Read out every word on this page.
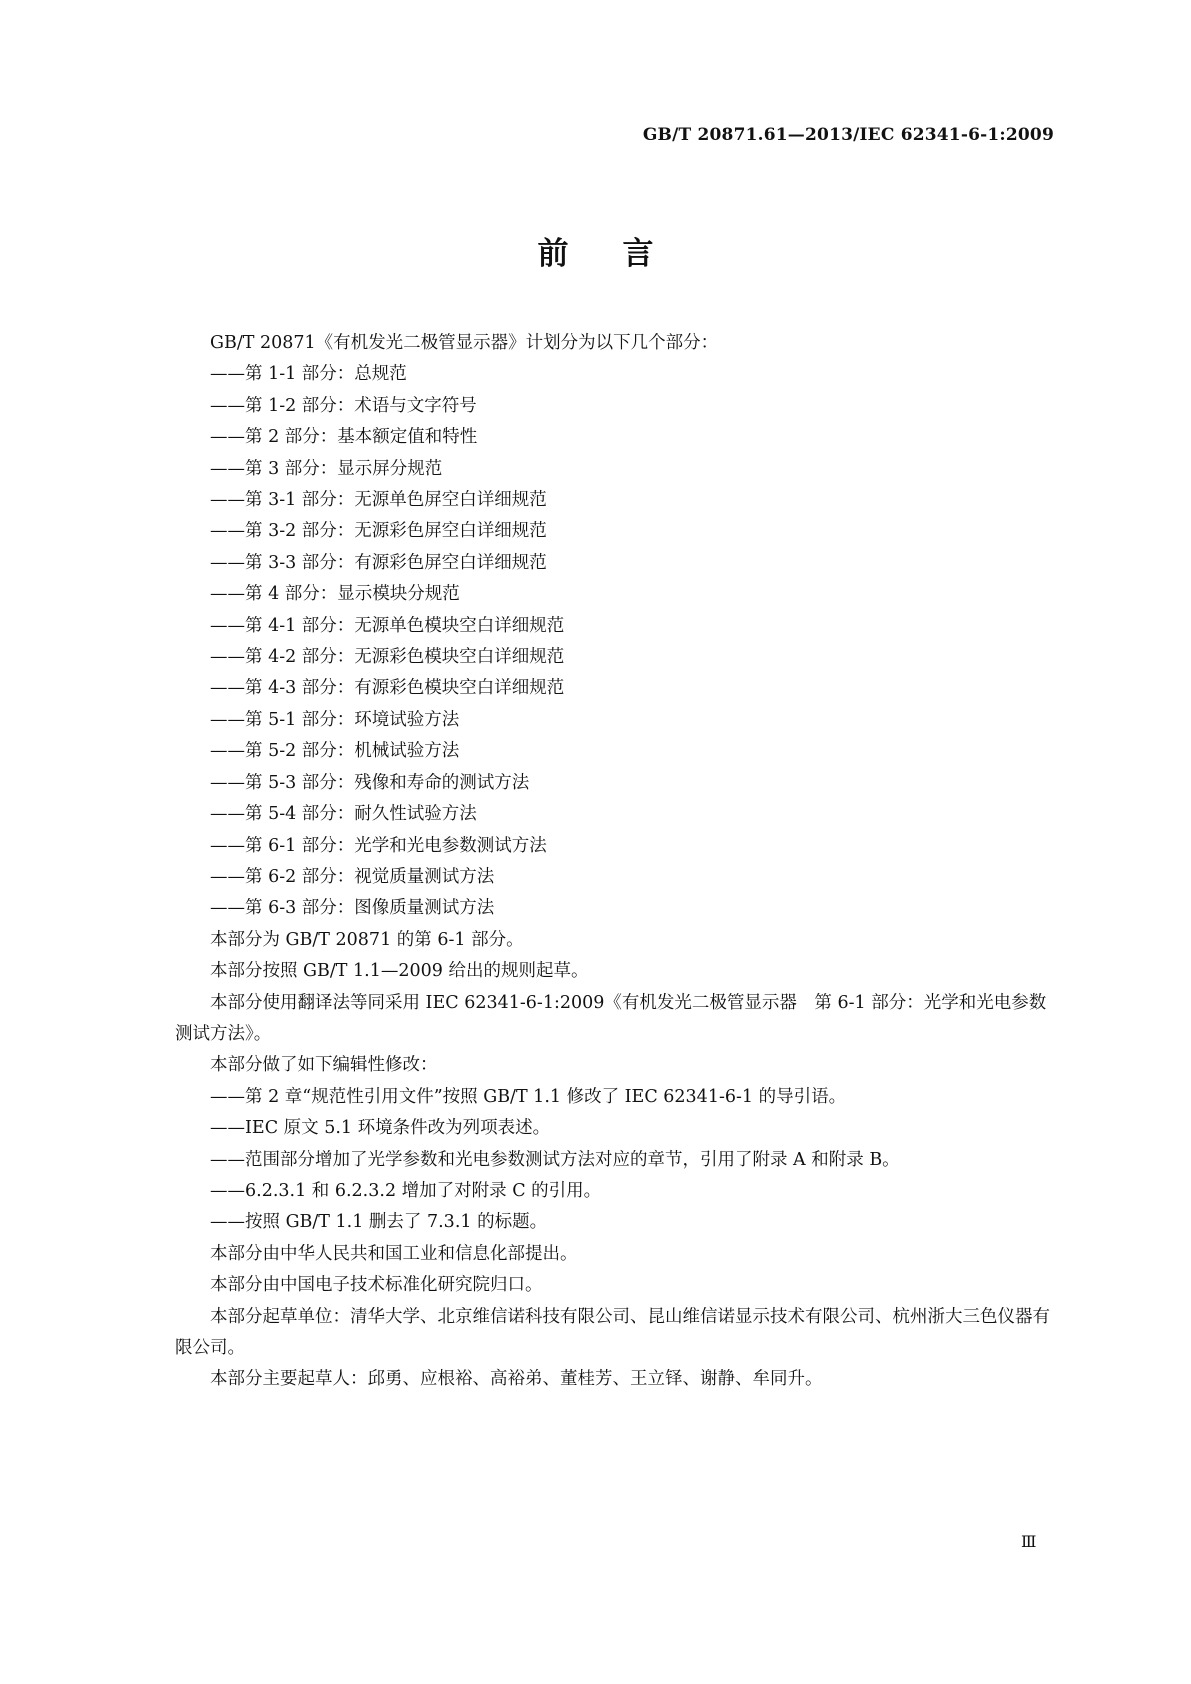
GB/T 20871.61—2013/IEC 62341-6-1:2009
前言

GB/T 20871《有机发光二极管显示器》计划分为以下几个部分：

——第 1-1 部分：总规范

——第 1-2 部分：术语与文字符号

——第 2 部分：基本额定值和特性

——第 3 部分：显示屏分规范

——第 3-1 部分：无源单色屏空白详细规范

——第 3-2 部分：无源彩色屏空白详细规范

——第 3-3 部分：有源彩色屏空白详细规范

——第 4 部分：显示模块分规范

——第 4-1 部分：无源单色模块空白详细规范

——第 4-2 部分：无源彩色模块空白详细规范

——第 4-3 部分：有源彩色模块空白详细规范

——第 5-1 部分：环境试验方法

——第 5-2 部分：机械试验方法

——第 5-3 部分：残像和寿命的测试方法

——第 5-4 部分：耐久性试验方法

——第 6-1 部分：光学和光电参数测试方法

——第 6-2 部分：视觉质量测试方法

——第 6-3 部分：图像质量测试方法

本部分为 GB/T 20871 的第 6-1 部分。

本部分按照 GB/T 1.1—2009 给出的规则起草。

本部分使用翻译法等同采用 IEC 62341-6-1:2009《有机发光二极管显示器　第 6-1 部分：光学和光电参数测试方法》。

本部分做了如下编辑性修改：

——第 2 章“规范性引用文件”按照 GB/T 1.1 修改了 IEC 62341-6-1 的导引语。

——IEC 原文 5.1 环境条件改为列项表述。

——范围部分增加了光学参数和光电参数测试方法对应的章节，引用了附录 A 和附录 B。

——6.2.3.1 和 6.2.3.2 增加了对附录 C 的引用。

——按照 GB/T 1.1 删去了 7.3.1 的标题。

本部分由中华人民共和国工业和信息化部提出。

本部分由中国电子技术标准化研究院归口。

本部分起草单位：清华大学、北京维信诺科技有限公司、昆山维信诺显示技术有限公司、杭州浙大三色仪器有限公司。

本部分主要起草人：邱勇、应根裕、高裕弟、董桂芳、王立铎、谢静、牟同升。

Ⅲ
